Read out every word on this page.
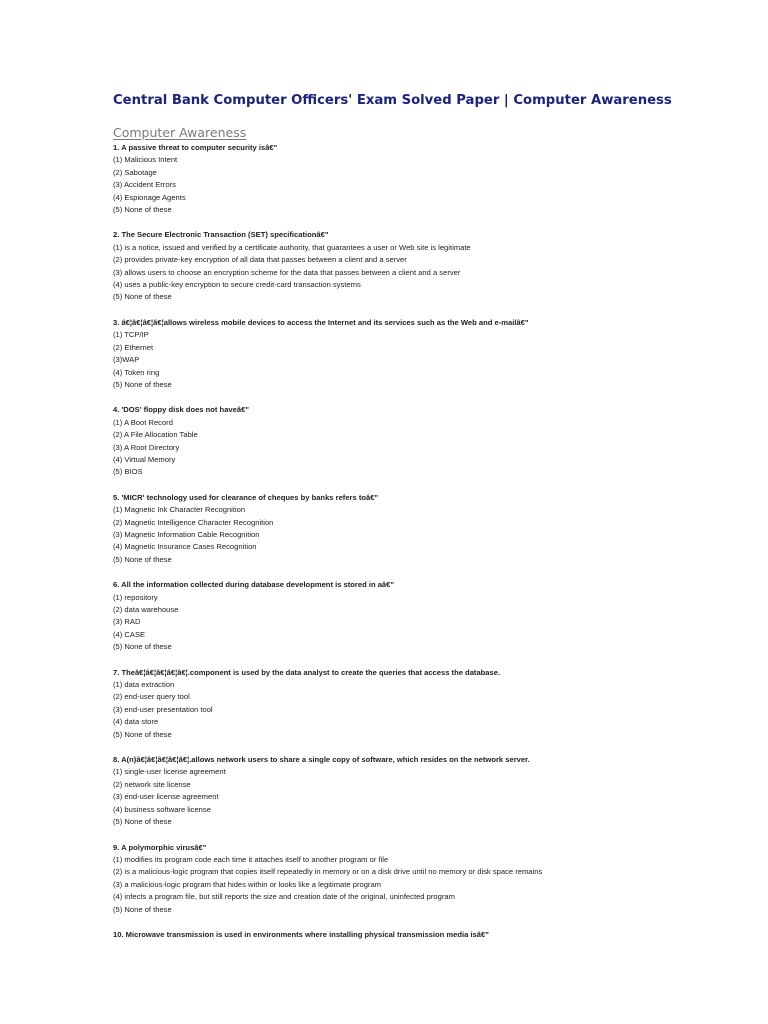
Central Bank Computer Officers' Exam Solved Paper | Computer Awareness
Computer Awareness
1. A passive threat to computer security isâ€"
(1) Malicious Intent
(2) Sabotage
(3) Accident Errors
(4) Espionage Agents
(5) None of these
2. The Secure Electronic Transaction (SET) specificationâ€"
(1) is a notice, issued and verified by a certificate authority, that guarantees a user or Web site is legitimate
(2) provides private-key encryption of all data that passes between a client and a server
(3) allows users to choose an encryption scheme for the data that passes between a client and a server
(4) uses a public-key encryption to secure credit-card transaction systems
(5) None of these
3. â€¦â€¦â€¦â€¦allows wireless mobile devices to access the Internet and its services such as the Web and e-mailâ€"
(1) TCP/IP
(2) Ethernet
(3)WAP
(4) Token ring
(5) None of these
4. 'DOS' floppy disk does not haveâ€"
(1) A Boot Record
(2) A File Allocation Table
(3) A Root Directory
(4) Virtual Memory
(5) BIOS
5. 'MICR' technology used for clearance of cheques by banks refers toâ€"
(1) Magnetic Ink Character Recognition
(2) Magnetic Intelligence Character Recognition
(3) Magnetic Information Cable Recognition
(4) Magnetic Insurance Cases Recognition
(5) None of these
6. All the information collected during database development is stored in aâ€"
(1) repository
(2) data warehouse
(3) RAD
(4) CASE
(5) None of these
7. Theâ€¦â€¦â€¦â€¦â€¦.component is used by the data analyst to create the queries that access the database.
(1) data extraction
(2) end-user query tool
(3) end-user presentation tool
(4) data store
(5) None of these
8. A(n)â€¦â€¦â€¦â€¦â€¦.allows network users to share a single copy of software, which resides on the network server.
(1) single-user license agreement
(2) network site license
(3) end-user license agreement
(4) business software license
(5) None of these
9. A polymorphic virusâ€"
(1) modifies its program code each time it attaches itself to another program or file
(2) is a malicious-logic program that copies itself repeatedly in memory or on a disk drive until no memory or disk space remains
(3) a malicious-logic program that hides within or looks like a legitimate program
(4) infects a program file, but still reports the size and creation date of the original, uninfected program
(5) None of these
10. Microwave transmission is used in environments where installing physical transmission media isâ€"
